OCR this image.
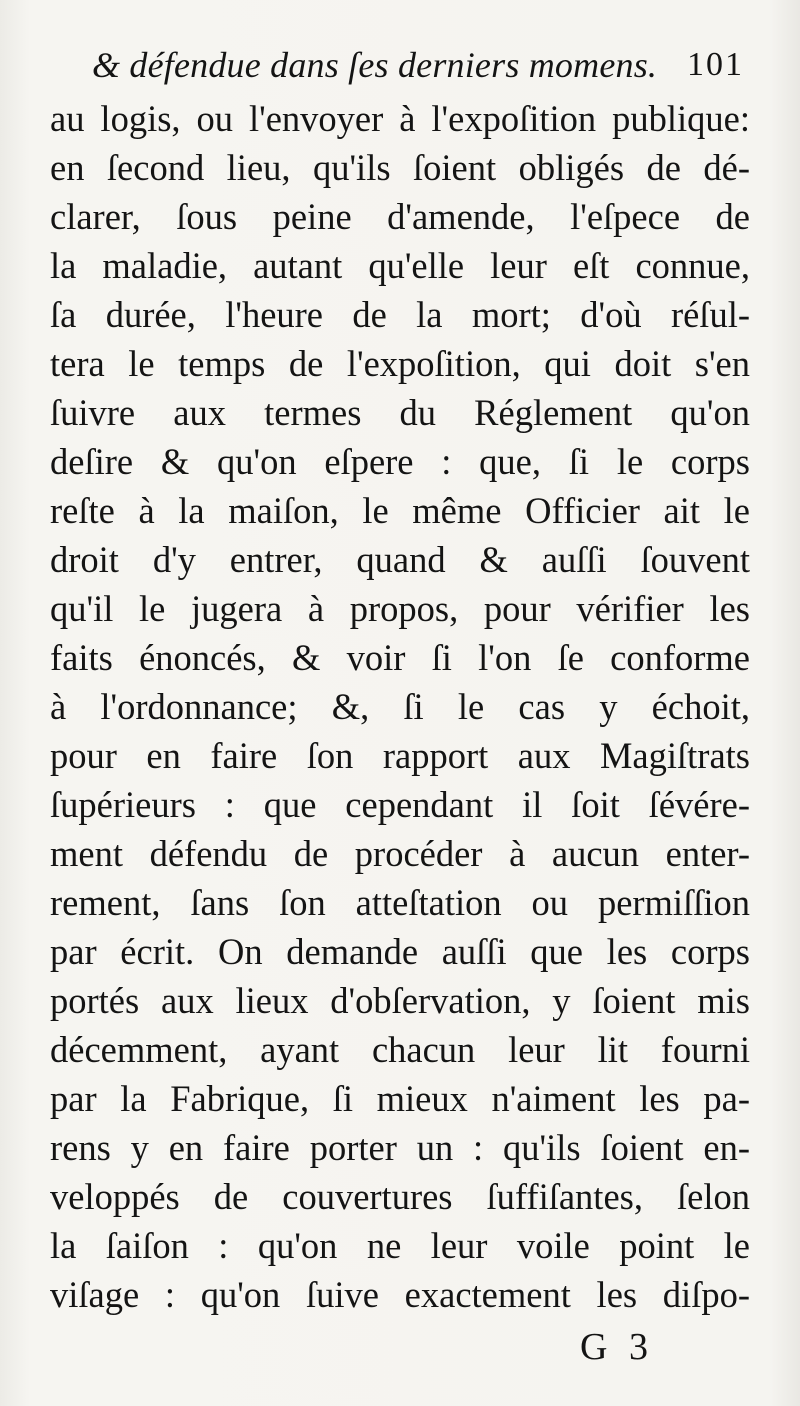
& défendue dans ſes derniers momens. 101
au logis, ou l'envoyer à l'expoſition publique:
en ſecond lieu, qu'ils ſoient obligés de dé-
clarer, ſous peine d'amende, l'eſpece de
la maladie, autant qu'elle leur eſt connue,
ſa durée, l'heure de la mort; d'où réſul-
tera le temps de l'expoſition, qui doit s'en
ſuivre aux termes du Réglement qu'on
deſire & qu'on eſpere : que, ſi le corps
reſte à la maiſon, le même Officier ait le
droit d'y entrer, quand & auſſi ſouvent
qu'il le jugera à propos, pour vérifier les
faits énoncés, & voir ſi l'on ſe conforme
à l'ordonnance; &, ſi le cas y échoit,
pour en faire ſon rapport aux Magiſtrats
ſupérieurs : que cependant il ſoit ſévére-
ment défendu de procéder à aucun enter-
rement, ſans ſon atteſtation ou permiſſion
par écrit. On demande auſſi que les corps
portés aux lieux d'obſervation, y ſoient mis
décemment, ayant chacun leur lit fourni
par la Fabrique, ſi mieux n'aiment les pa-
rens y en faire porter un : qu'ils ſoient en-
veloppés de couvertures ſuffiſantes, ſelon
la ſaiſon : qu'on ne leur voile point le
viſage : qu'on ſuive exactement les diſpo-
G 3
